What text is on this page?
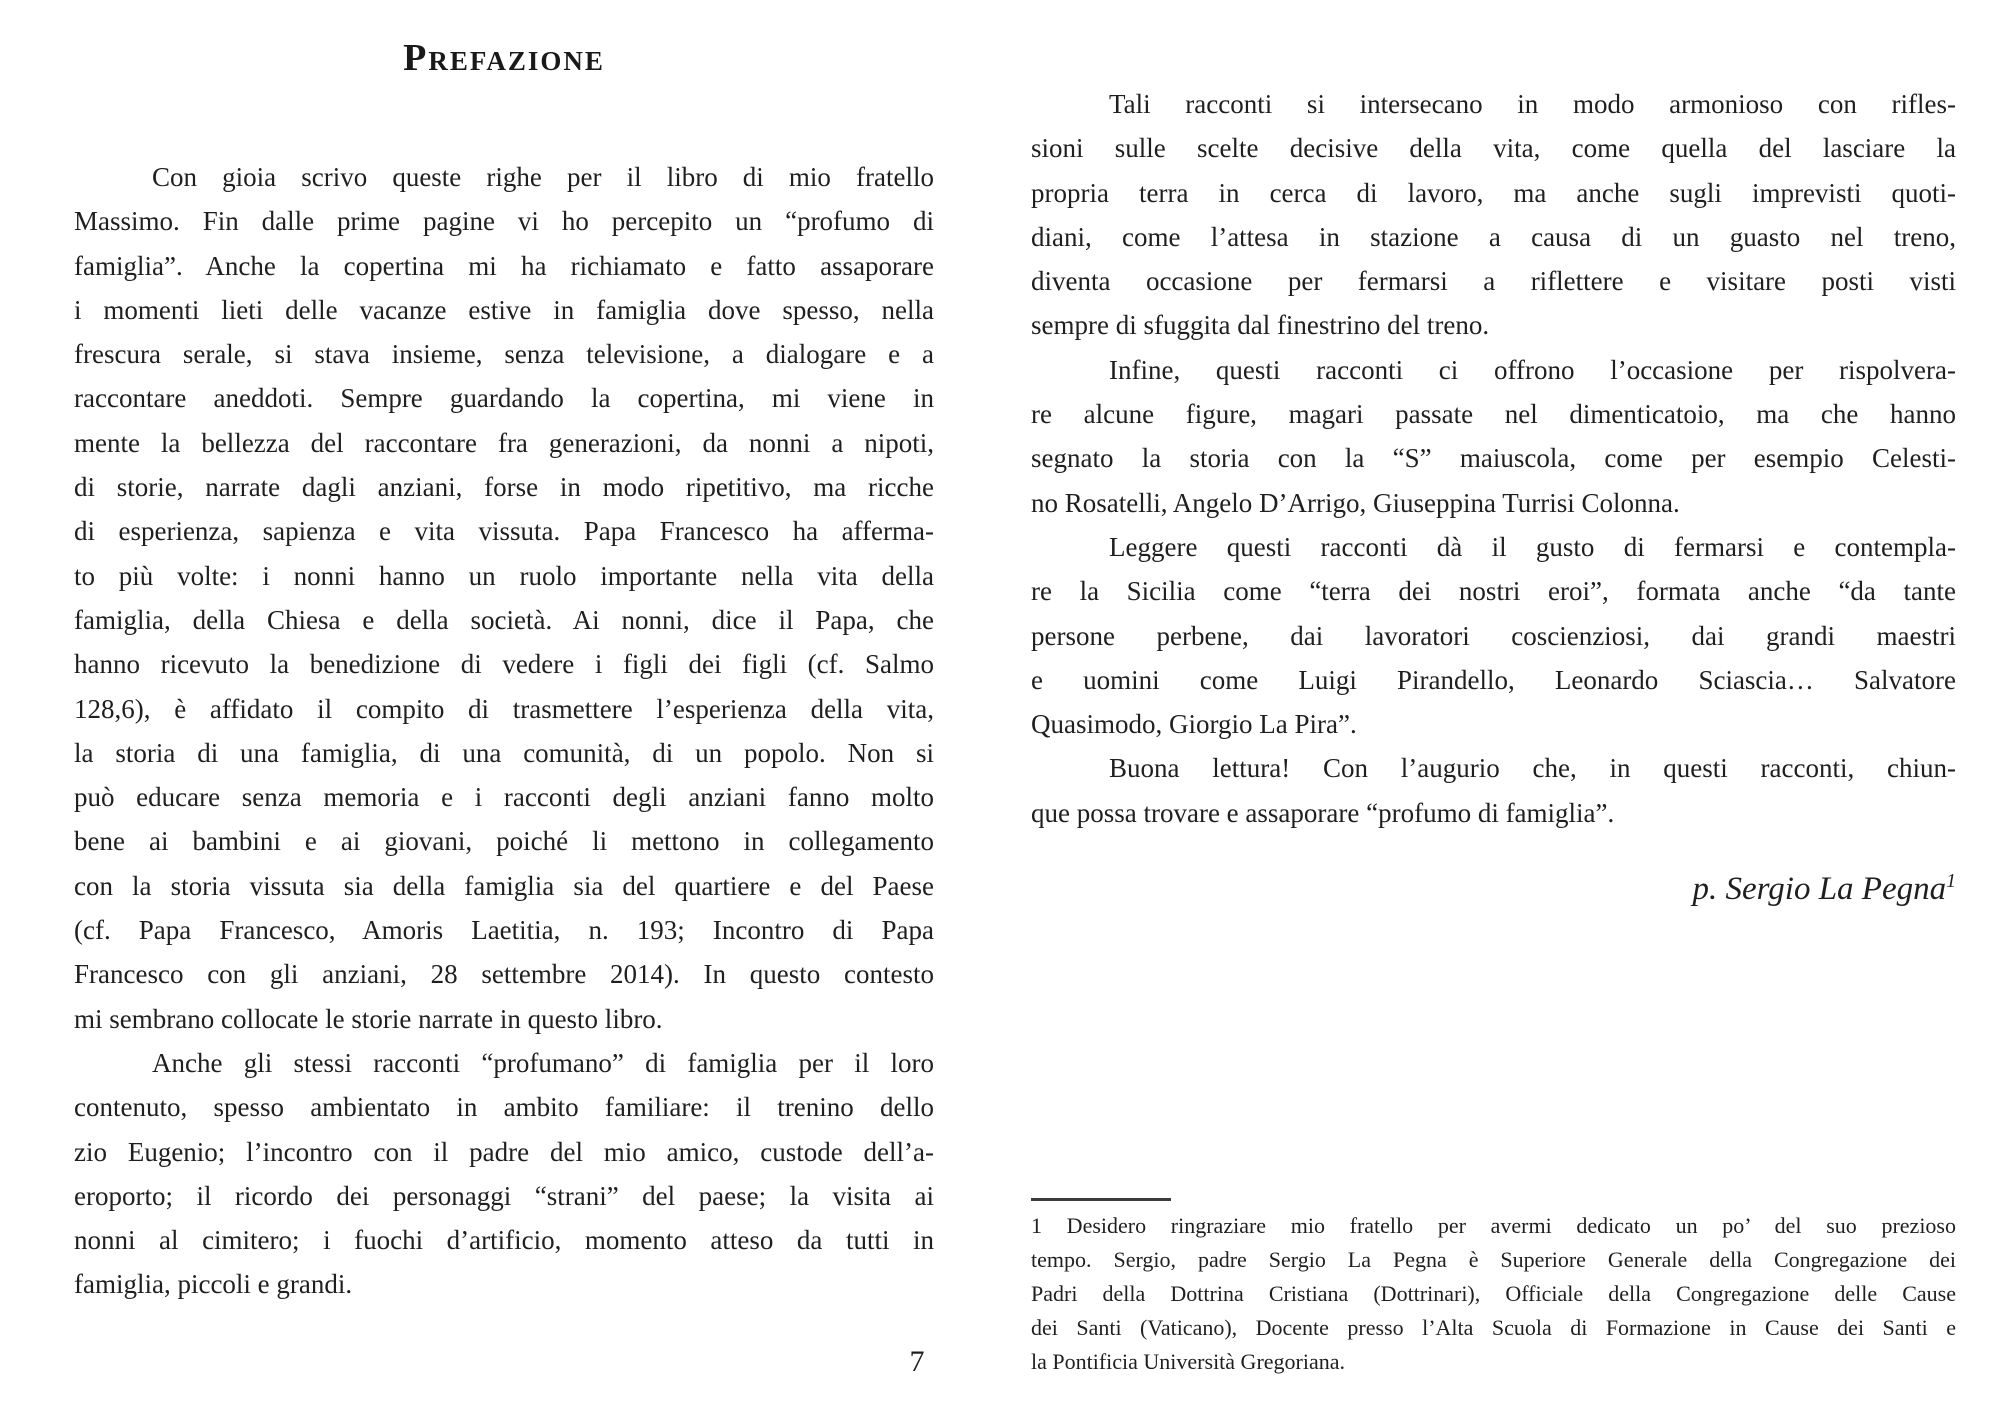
Prefazione
Con gioia scrivo queste righe per il libro di mio fratello
Massimo. Fin dalle prime pagine vi ho percepito un “profumo di
famiglia”. Anche la copertina mi ha richiamato e fatto assaporare
i momenti lieti delle vacanze estive in famiglia dove spesso, nella
frescura serale, si stava insieme, senza televisione, a dialogare e a
raccontare aneddoti. Sempre guardando la copertina, mi viene in
mente la bellezza del raccontare fra generazioni, da nonni a nipoti,
di storie, narrate dagli anziani, forse in modo ripetitivo, ma ricche
di esperienza, sapienza e vita vissuta. Papa Francesco ha afferma-
to più volte: i nonni hanno un ruolo importante nella vita della
famiglia, della Chiesa e della società. Ai nonni, dice il Papa, che
hanno ricevuto la benedizione di vedere i figli dei figli (cf. Salmo
128,6), è affidato il compito di trasmettere l’esperienza della vita,
la storia di una famiglia, di una comunità, di un popolo. Non si
può educare senza memoria e i racconti degli anziani fanno molto
bene ai bambini e ai giovani, poiché li mettono in collegamento
con la storia vissuta sia della famiglia sia del quartiere e del Paese
(cf. Papa Francesco, Amoris Laetitia, n. 193; Incontro di Papa
Francesco con gli anziani, 28 settembre 2014). In questo contesto
mi sembrano collocate le storie narrate in questo libro.
Anche gli stessi racconti “profumano” di famiglia per il loro
contenuto, spesso ambientato in ambito familiare: il trenino dello
zio Eugenio; l’incontro con il padre del mio amico, custode dell’a-
eroporto; il ricordo dei personaggi “strani” del paese; la visita ai
nonni al cimitero; i fuochi d’artificio, momento atteso da tutti in
famiglia, piccoli e grandi.
7
Tali racconti si intersecano in modo armonioso con rifles-
sioni sulle scelte decisive della vita, come quella del lasciare la
propria terra in cerca di lavoro, ma anche sugli imprevisti quoti-
diani, come l’attesa in stazione a causa di un guasto nel treno,
diventa occasione per fermarsi a riflettere e visitare posti visti
sempre di sfuggita dal finestrino del treno.
Infine, questi racconti ci offrono l’occasione per rispolvera-
re alcune figure, magari passate nel dimenticatoio, ma che hanno
segnato la storia con la “S” maiuscola, come per esempio Celesti-
no Rosatelli, Angelo D’Arrigo, Giuseppina Turrisi Colonna.
Leggere questi racconti dà il gusto di fermarsi e contempla-
re la Sicilia come “terra dei nostri eroi”, formata anche “da tante
persone perbene, dai lavoratori coscienziosi, dai grandi maestri
e uomini come Luigi Pirandello, Leonardo Sciascia… Salvatore
Quasimodo, Giorgio La Pira”.
Buona lettura! Con l’augurio che, in questi racconti, chiun-
que possa trovare e assaporare “profumo di famiglia”.
p. Sergio La Pegna$^1$
1 Desidero ringraziare mio fratello per avermi dedicato un po’ del suo prezioso
tempo. Sergio, padre Sergio La Pegna è Superiore Generale della Congregazione dei
Padri della Dottrina Cristiana (Dottrinari), Officiale della Congregazione delle Cause
dei Santi (Vaticano), Docente presso l’Alta Scuola di Formazione in Cause dei Santi e
la Pontificia Università Gregoriana.
